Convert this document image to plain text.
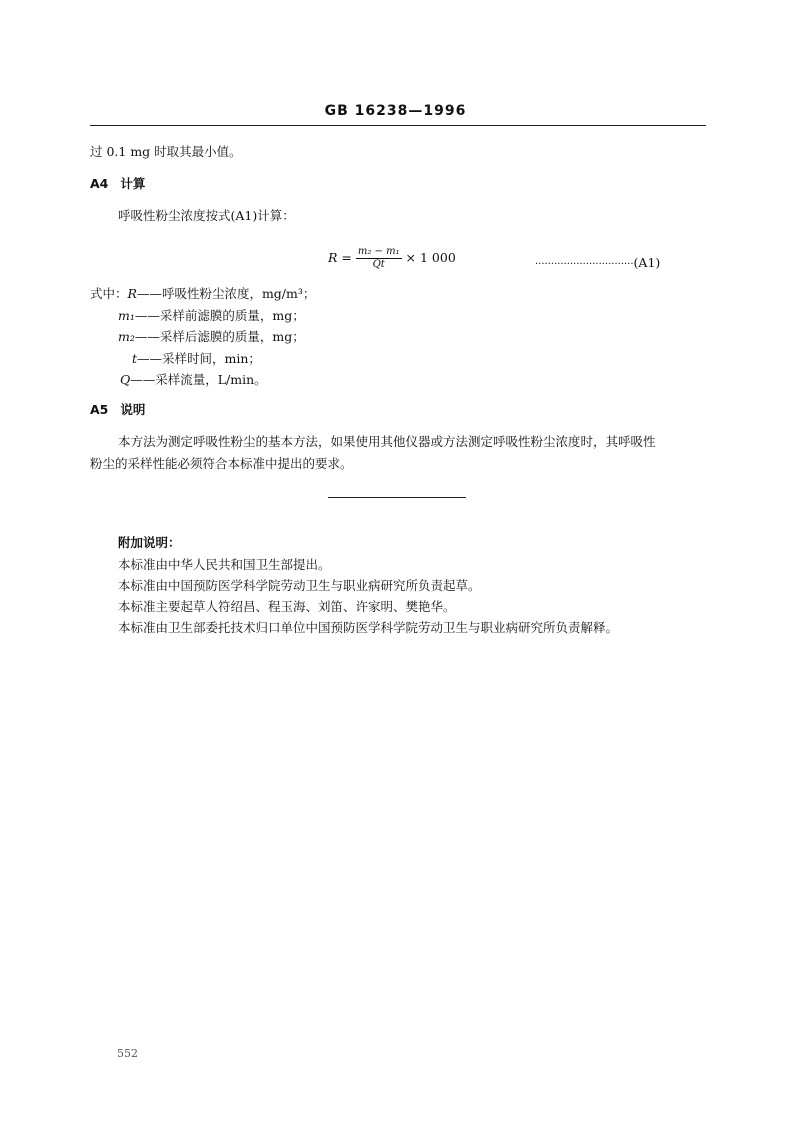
GB 16238—1996
过 0.1 mg 时取其最小值。
A4 计算
呼吸性粉尘浓度按式(A1)计算：
$R = \frac{\text{m₂ − m₁}}{Qt} \times 1$ 000	·······························(A1)
式中：R——呼吸性粉尘浓度，mg/m³；
m₁——采样前滤膜的质量，mg；
m₂——采样后滤膜的质量，mg；
t——采样时间，min；
Q——采样流量，L/min。
A5 说明
本方法为测定呼吸性粉尘的基本方法，如果使用其他仪器或方法测定呼吸性粉尘浓度时，其呼吸性
粉尘的采样性能必须符合本标准中提出的要求。
附加说明：
本标准由中华人民共和国卫生部提出。
本标准由中国预防医学科学院劳动卫生与职业病研究所负责起草。
本标准主要起草人符绍昌、程玉海、刘笛、许家明、樊艳华。
本标准由卫生部委托技术归口单位中国预防医学科学院劳动卫生与职业病研究所负责解释。
552
